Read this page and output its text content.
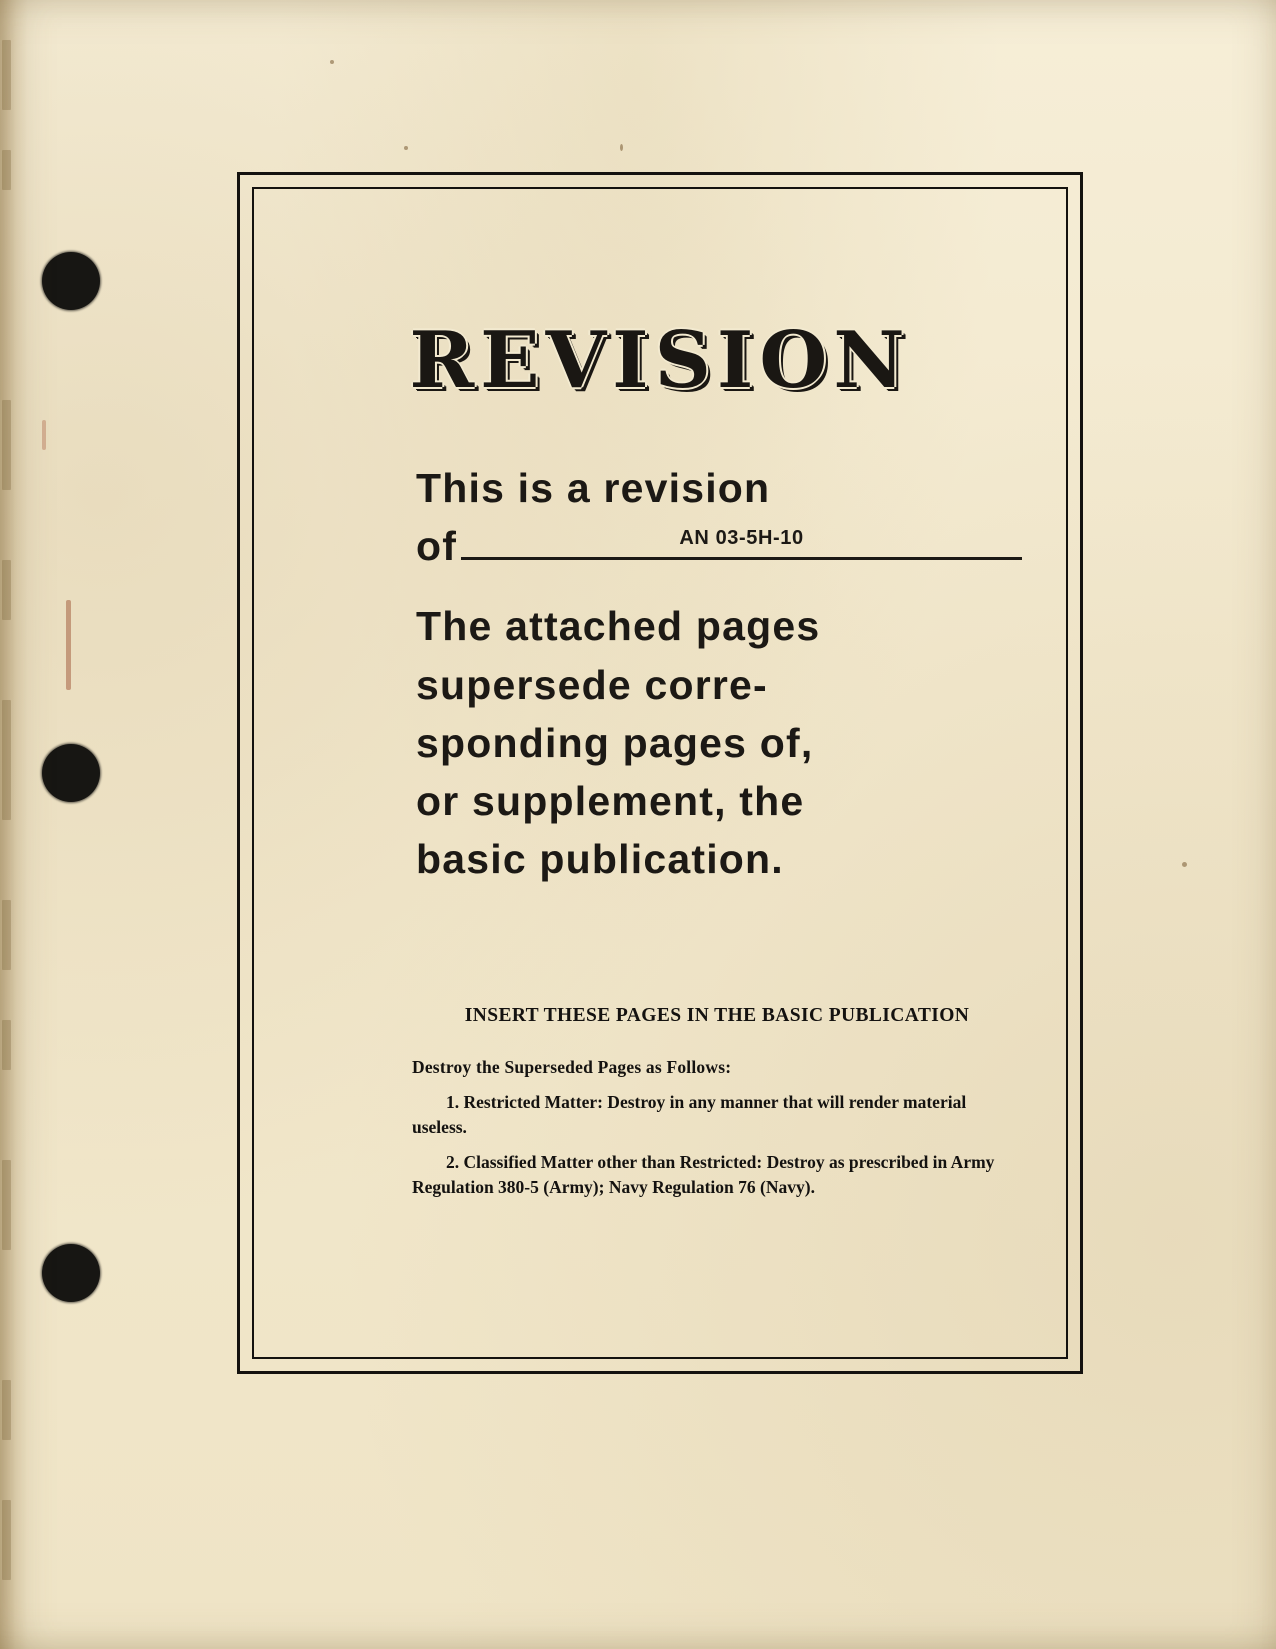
REVISION
This is a revision
of	AN 03-5H-10
The attached pages
supersede corre-
sponding pages of,
or supplement, the
basic publication.
INSERT THESE PAGES IN THE BASIC PUBLICATION
Destroy the Superseded Pages as Follows:
1. Restricted Matter: Destroy in any manner that will render material useless.
2. Classified Matter other than Restricted: Destroy as prescribed in Army Regulation 380-5 (Army); Navy Regulation 76 (Navy).
